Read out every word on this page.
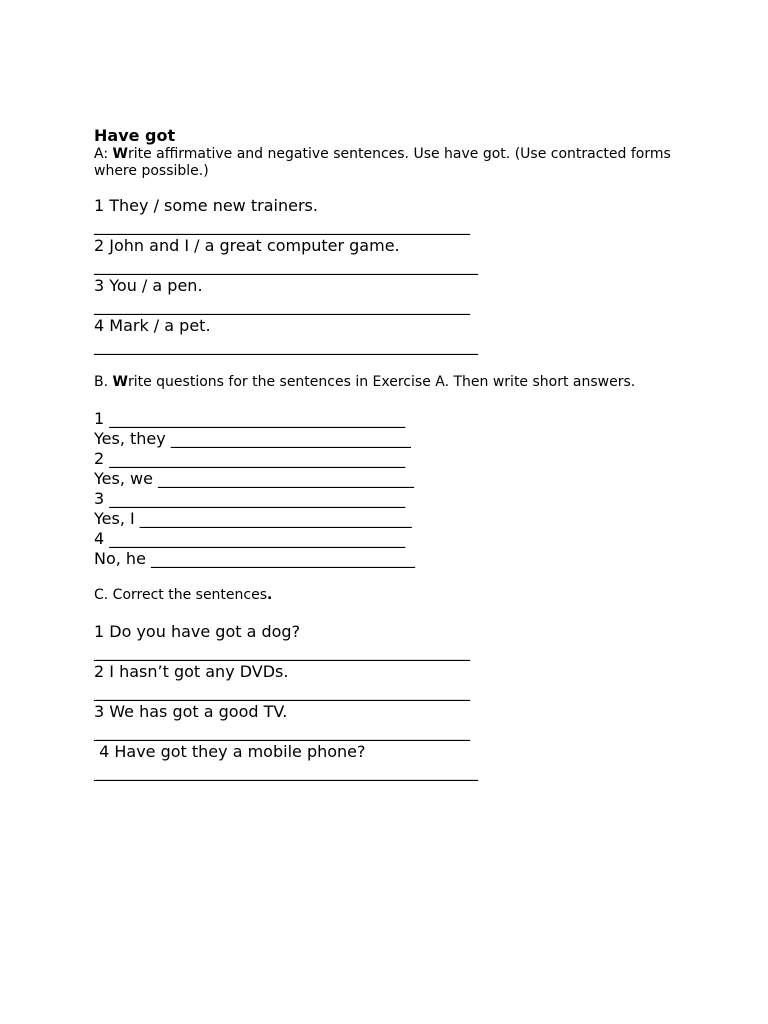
Have got
A: Write affirmative and negative sentences. Use have got. (Use contracted forms where possible.)
1 They / some new trainers.
_______________________________________________
2 John and I / a great computer game.
________________________________________________
3 You / a pen.
_______________________________________________
4 Mark / a pet.
________________________________________________
B. Write questions for the sentences in Exercise A. Then write short answers.
1 _____________________________________
Yes, they ______________________________
2 _____________________________________
Yes, we ________________________________
3 _____________________________________
Yes, I __________________________________
4 _____________________________________
No, he _________________________________
C. Correct the sentences.
1 Do you have got a dog?
_______________________________________________
2 I hasn’t got any DVDs.
_______________________________________________
3 We has got a good TV.
_______________________________________________
4 Have got they a mobile phone?
________________________________________________
